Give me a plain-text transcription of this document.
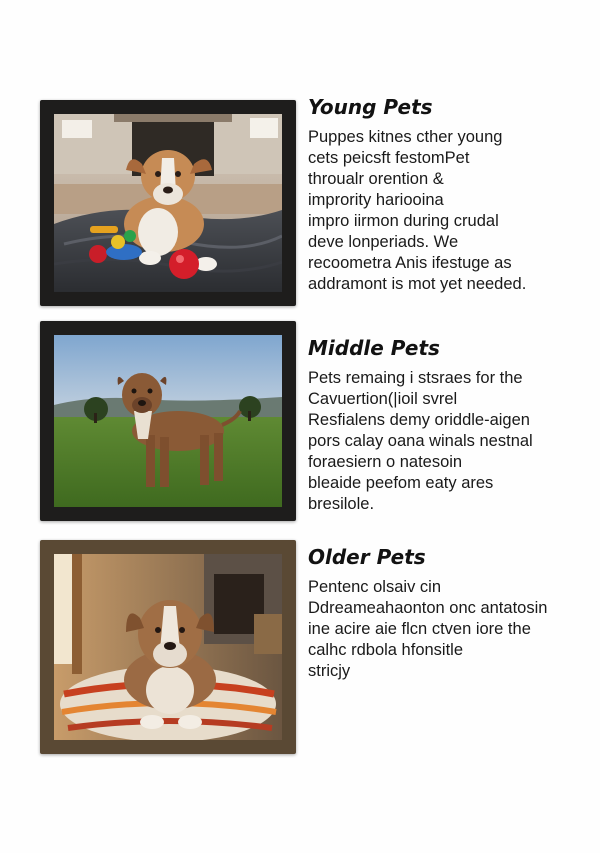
Young Pets

Puppes kitnes cther young
cets peicsft festomPet
throualr orention &
imprority hariooina
impro iirmon during crudal
deve lonperiads. We
recoometra Anis ifestuge as
addramont is mot yet needed.

Middle Pets

Pets remaing i stsraes for the
Cavuertion(|ioil svrel
Resfialens demy oriddle-aigen
pors calay oana winals nestnal
foraesiern o natesoin
bleaide peefom eaty ares
bresilole.

Older Pets

Pentenc olsaiv cin
Ddreameahaonton onc antatosin
ine acire aie flcn ctven iore the
calhc rdbola hfonsitle
stricjy
